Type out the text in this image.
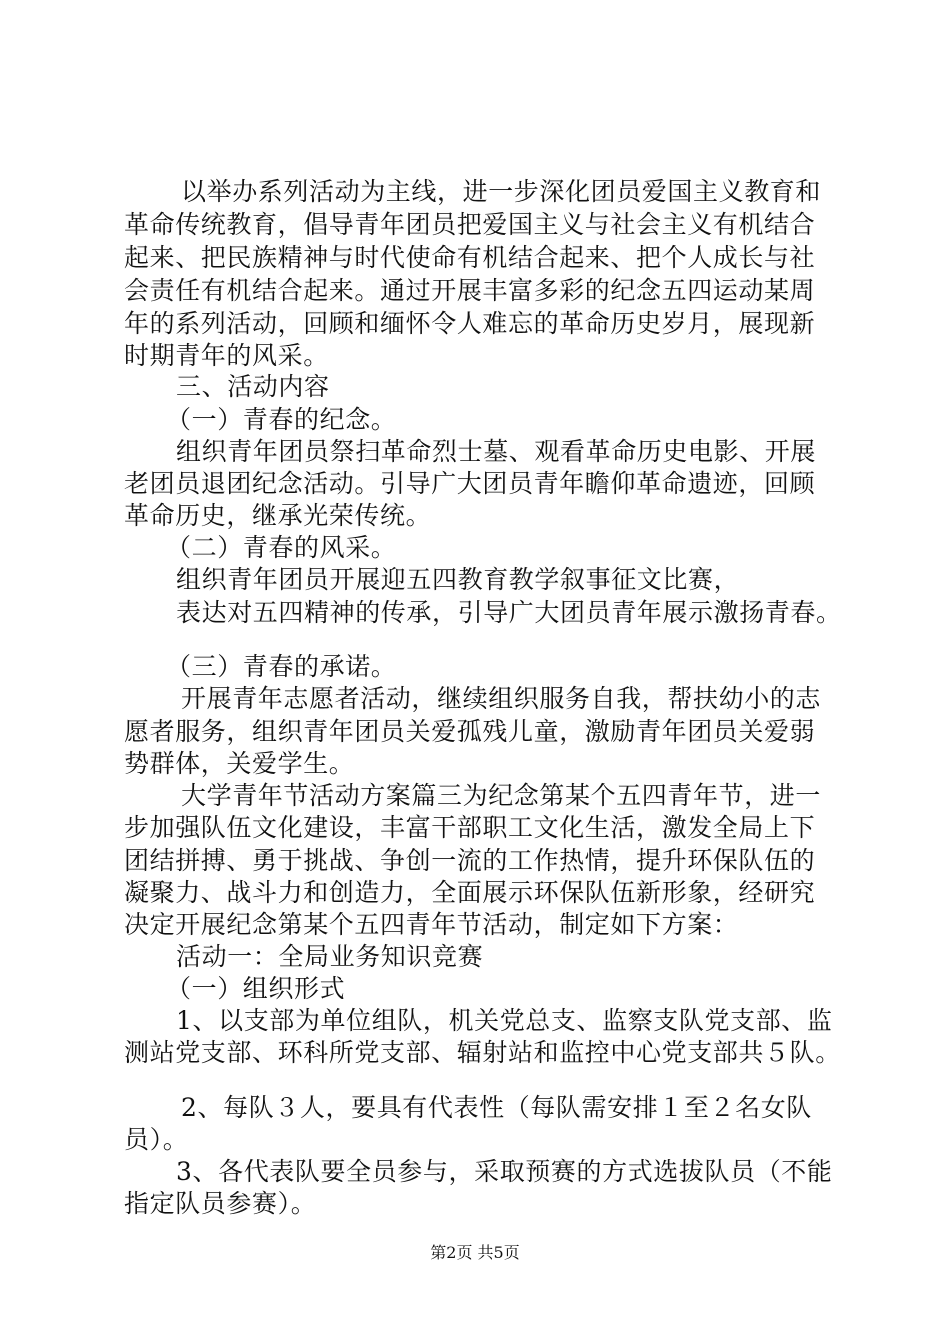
以举办系列活动为主线，进一步深化团员爱国主义教育和
革命传统教育，倡导青年团员把爱国主义与社会主义有机结合
起来、把民族精神与时代使命有机结合起来、把个人成长与社
会责任有机结合起来。通过开展丰富多彩的纪念五四运动某周
年的系列活动，回顾和缅怀令人难忘的革命历史岁月，展现新
时期青年的风采。
三、活动内容
（一）青春的纪念。
组织青年团员祭扫革命烈士墓、观看革命历史电影、开展
老团员退团纪念活动。引导广大团员青年瞻仰革命遗迹，回顾
革命历史，继承光荣传统。
（二）青春的风采。
组织青年团员开展迎五四教育教学叙事征文比赛，
表达对五四精神的传承，引导广大团员青年展示激扬青春。
（三）青春的承诺。
开展青年志愿者活动，继续组织服务自我，帮扶幼小的志
愿者服务，组织青年团员关爱孤残儿童，激励青年团员关爱弱
势群体，关爱学生。
大学青年节活动方案篇三为纪念第某个五四青年节，进一
步加强队伍文化建设，丰富干部职工文化生活，激发全局上下
团结拼搏、勇于挑战、争创一流的工作热情，提升环保队伍的
凝聚力、战斗力和创造力，全面展示环保队伍新形象，经研究
决定开展纪念第某个五四青年节活动，制定如下方案：
活动一：全局业务知识竞赛
（一）组织形式
1、以支部为单位组队，机关党总支、监察支队党支部、监
测站党支部、环科所党支部、辐射站和监控中心党支部共５队。
2、每队３人，要具有代表性（每队需安排１至２名女队
员）。
3、各代表队要全员参与，采取预赛的方式选拔队员（不能
指定队员参赛）。
第2页 共5页
